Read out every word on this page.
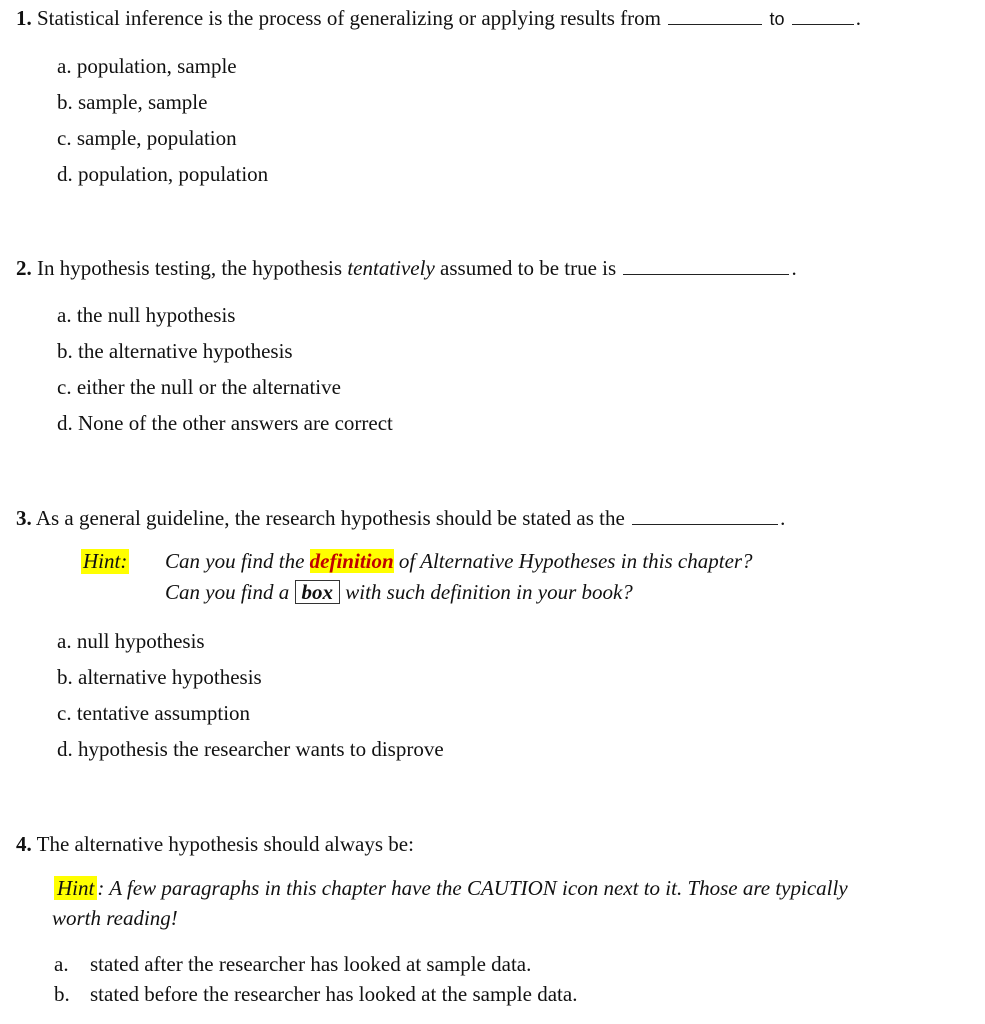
1. Statistical inference is the process of generalizing or applying results from	to	.
a. population, sample
b. sample, sample
c. sample, population
d. population, population
2. In hypothesis testing, the hypothesis tentatively assumed to be true is	.
a. the null hypothesis
b. the alternative hypothesis
c. either the null or the alternative
d. None of the other answers are correct
3. As a general guideline, the research hypothesis should be stated as the	.
Hint: Can you find the definition of Alternative Hypotheses in this chapter?
Can you find a box with such definition in your book?
a. null hypothesis
b. alternative hypothesis
c. tentative assumption
d. hypothesis the researcher wants to disprove
4. The alternative hypothesis should always be:
Hint : A few paragraphs in this chapter have the CAUTION icon next to it. Those are typically
worth reading!
a. stated after the researcher has looked at sample data.
b. stated before the researcher has looked at the sample data.
